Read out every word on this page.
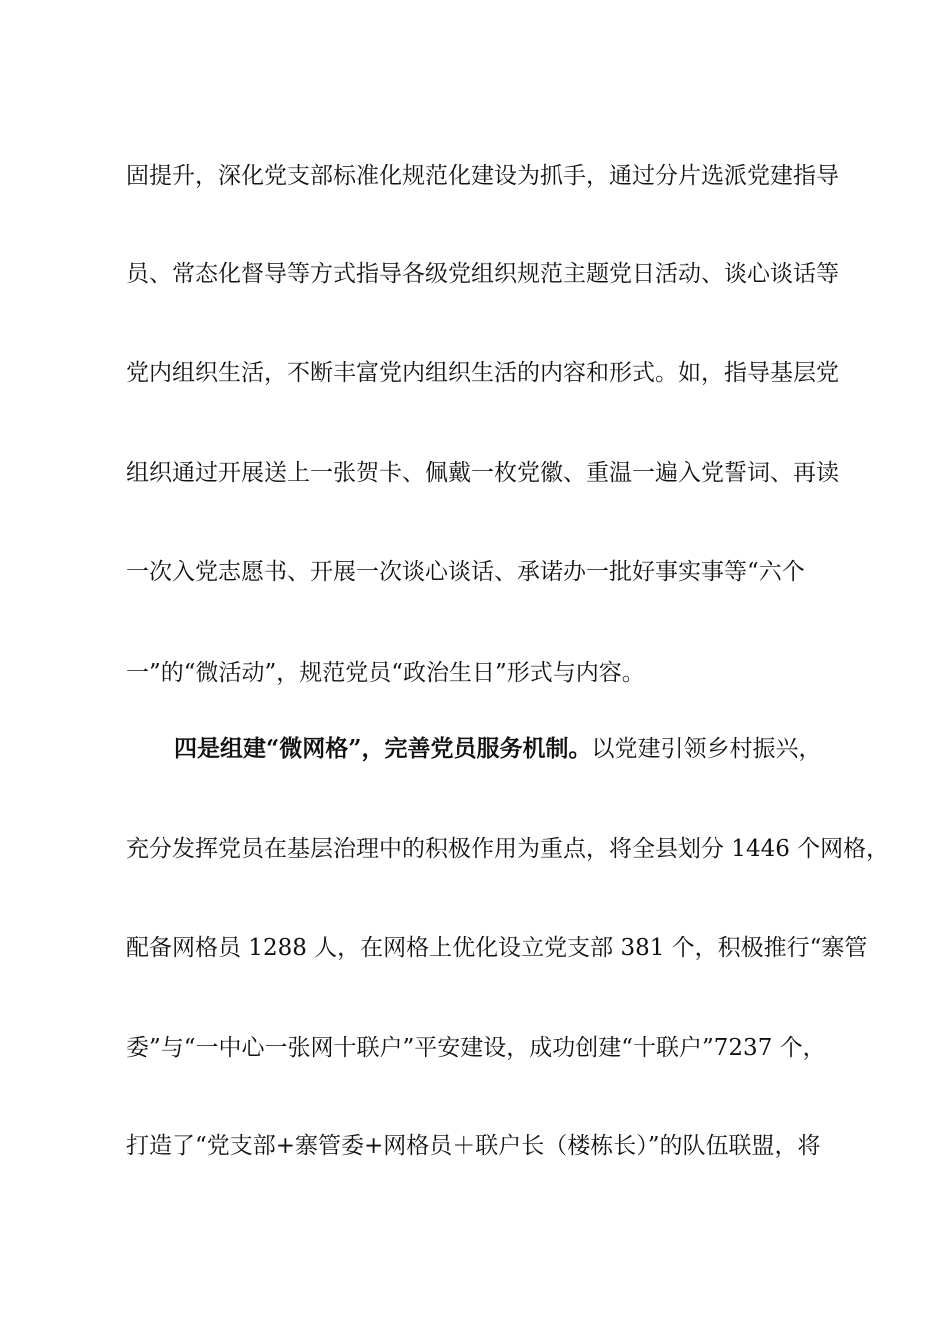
固提升，深化党支部标准化规范化建设为抓手，通过分片选派党建指导
员、常态化督导等方式指导各级党组织规范主题党日活动、谈心谈话等
党内组织生活，不断丰富党内组织生活的内容和形式。如，指导基层党
组织通过开展送上一张贺卡、佩戴一枚党徽、重温一遍入党誓词、再读
一次入党志愿书、开展一次谈心谈话、承诺办一批好事实事等“六个
一”的“微活动”，规范党员“政治生日”形式与内容。
四是组建“微网格”，完善党员服务机制。以党建引领乡村振兴，
充分发挥党员在基层治理中的积极作用为重点，将全县划分 1446 个网格，
配备网格员 1288 人，在网格上优化设立党支部 381 个，积极推行“寨管
委”与“一中心一张网十联户”平安建设，成功创建“十联户”7237 个，
打造了“党支部+寨管委+网格员＋联户长（楼栋长）”的队伍联盟，将
